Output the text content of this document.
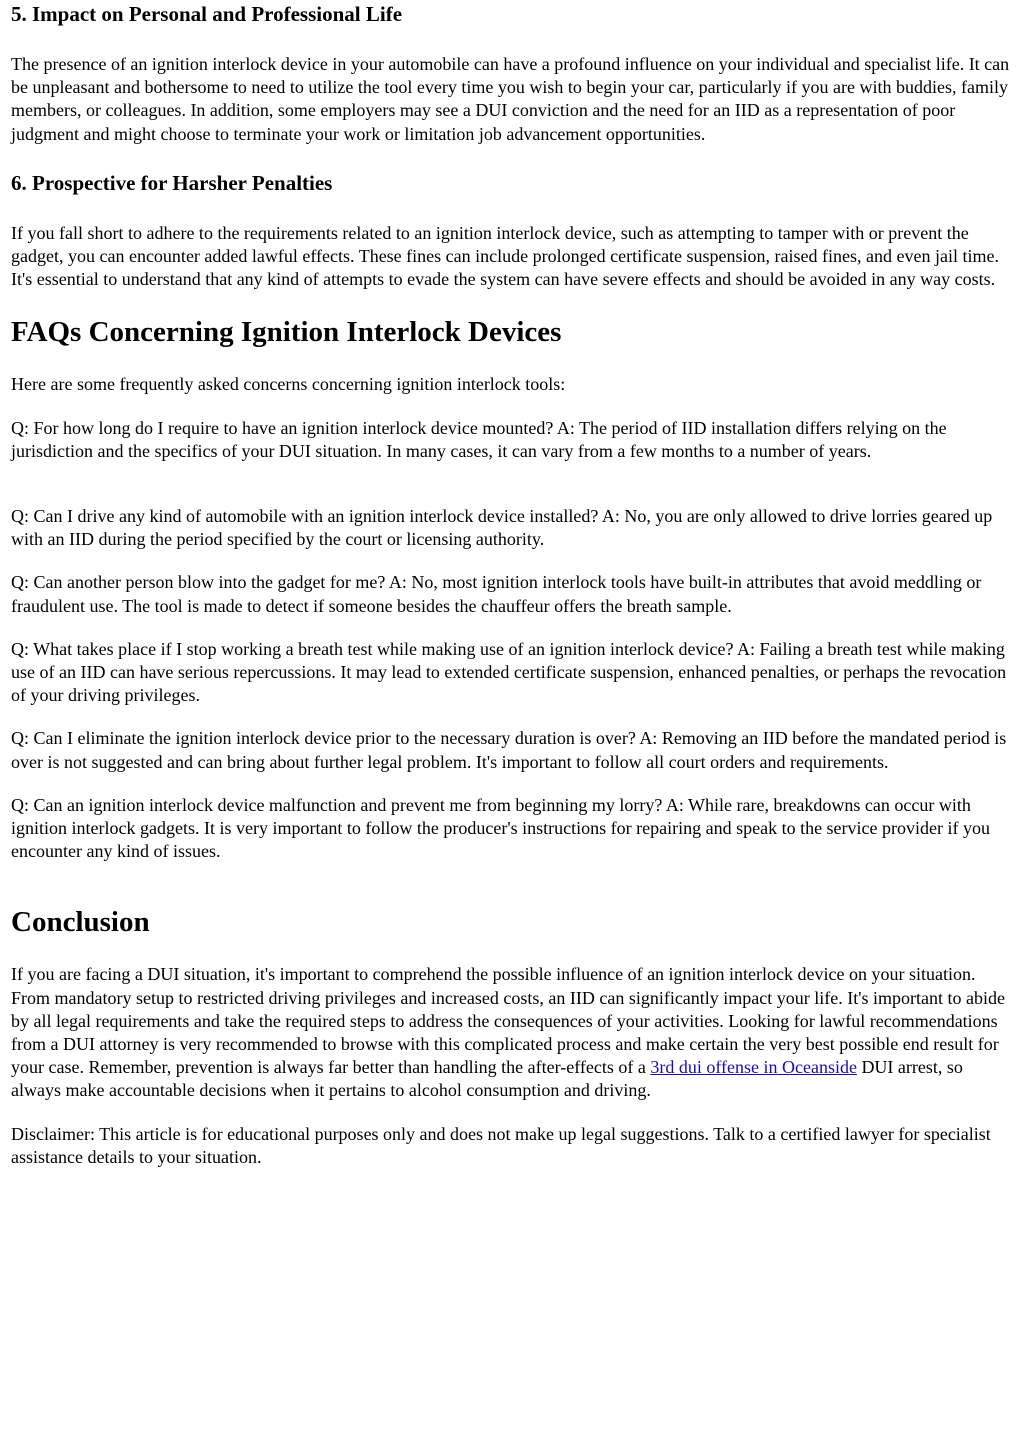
5. Impact on Personal and Professional Life

The presence of an ignition interlock device in your automobile can have a profound influence on your individual and specialist life. It can be unpleasant and bothersome to need to utilize the tool every time you wish to begin your car, particularly if you are with buddies, family members, or colleagues. In addition, some employers may see a DUI conviction and the need for an IID as a representation of poor judgment and might choose to terminate your work or limitation job advancement opportunities.

6. Prospective for Harsher Penalties

If you fall short to adhere to the requirements related to an ignition interlock device, such as attempting to tamper with or prevent the gadget, you can encounter added lawful effects. These fines can include prolonged certificate suspension, raised fines, and even jail time. It's essential to understand that any kind of attempts to evade the system can have severe effects and should be avoided in any way costs.

FAQs Concerning Ignition Interlock Devices

Here are some frequently asked concerns concerning ignition interlock tools:

Q: For how long do I require to have an ignition interlock device mounted? A: The period of IID installation differs relying on the jurisdiction and the specifics of your DUI situation. In many cases, it can vary from a few months to a number of years.

Q: Can I drive any kind of automobile with an ignition interlock device installed? A: No, you are only allowed to drive lorries geared up with an IID during the period specified by the court or licensing authority.

Q: Can another person blow into the gadget for me? A: No, most ignition interlock tools have built-in attributes that avoid meddling or fraudulent use. The tool is made to detect if someone besides the chauffeur offers the breath sample.

Q: What takes place if I stop working a breath test while making use of an ignition interlock device? A: Failing a breath test while making use of an IID can have serious repercussions. It may lead to extended certificate suspension, enhanced penalties, or perhaps the revocation of your driving privileges.

Q: Can I eliminate the ignition interlock device prior to the necessary duration is over? A: Removing an IID before the mandated period is over is not suggested and can bring about further legal problem. It's important to follow all court orders and requirements.

Q: Can an ignition interlock device malfunction and prevent me from beginning my lorry? A: While rare, breakdowns can occur with ignition interlock gadgets. It is very important to follow the producer's instructions for repairing and speak to the service provider if you encounter any kind of issues.

Conclusion

If you are facing a DUI situation, it's important to comprehend the possible influence of an ignition interlock device on your situation. From mandatory setup to restricted driving privileges and increased costs, an IID can significantly impact your life. It's important to abide by all legal requirements and take the required steps to address the consequences of your activities. Looking for lawful recommendations from a DUI attorney is very recommended to browse with this complicated process and make certain the very best possible end result for your case. Remember, prevention is always far better than handling the after-effects of a 3rd dui offense in Oceanside DUI arrest, so always make accountable decisions when it pertains to alcohol consumption and driving.

Disclaimer: This article is for educational purposes only and does not make up legal suggestions. Talk to a certified lawyer for specialist assistance details to your situation.
